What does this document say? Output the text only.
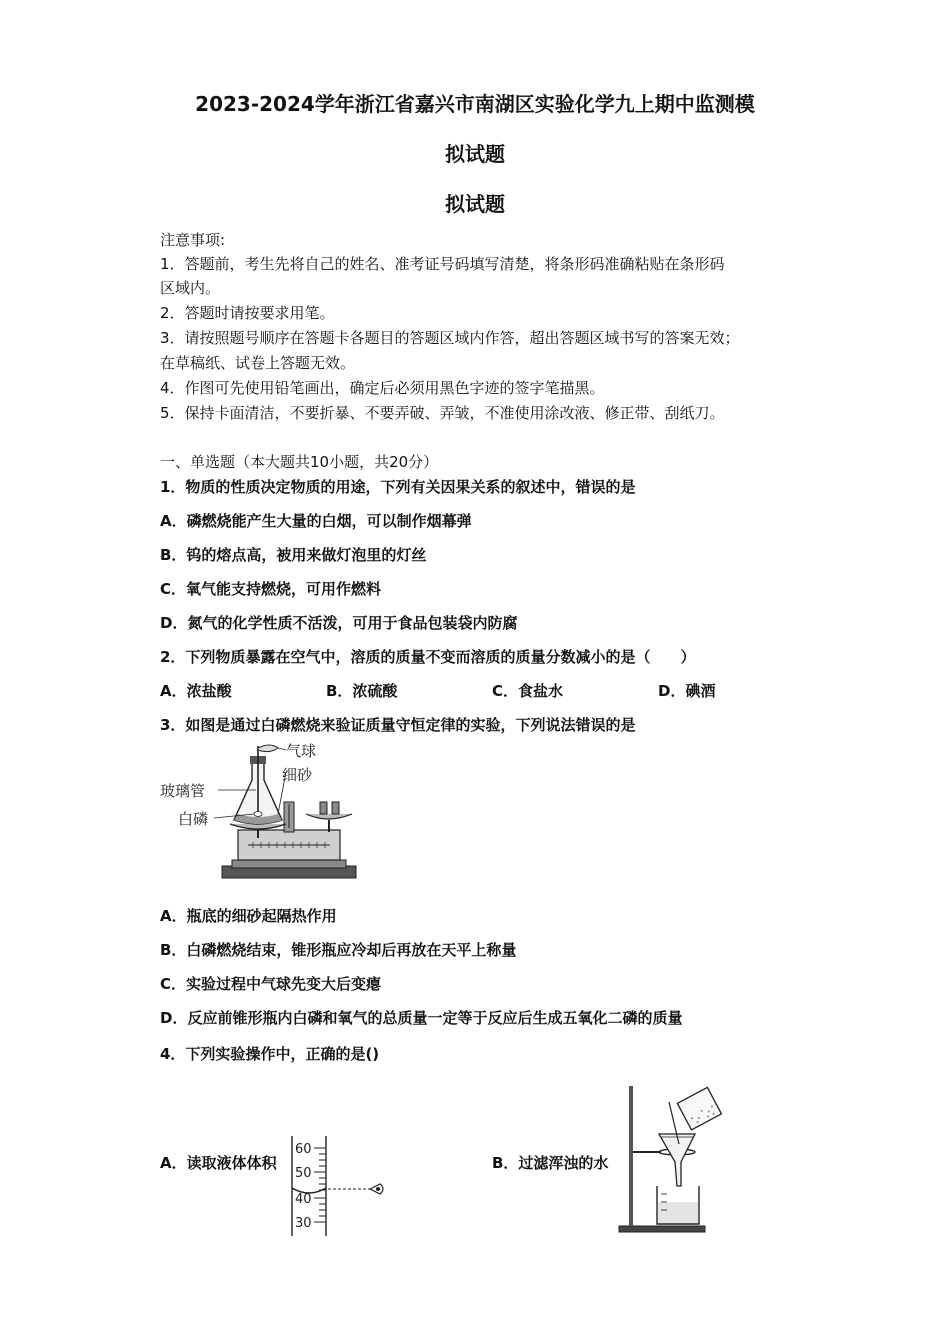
2023-2024学年浙江省嘉兴市南湖区实验化学九上期中监测模
拟试题
拟试题
注意事项:
1．答题前，考生先将自己的姓名、准考证号码填写清楚，将条形码准确粘贴在条形码
区域内。
2．答题时请按要求用笔。
3．请按照题号顺序在答题卡各题目的答题区域内作答，超出答题区域书写的答案无效；
在草稿纸、试卷上答题无效。
4．作图可先使用铅笔画出，确定后必须用黑色字迹的签字笔描黑。
5．保持卡面清洁，不要折暴、不要弄破、弄皱，不准使用涂改液、修正带、刮纸刀。
一、单选题（本大题共10小题，共20分）
1．物质的性质决定物质的用途，下列有关因果关系的叙述中，错误的是
A．磷燃烧能产生大量的白烟，可以制作烟幕弹
B．钨的熔点高，被用来做灯泡里的灯丝
C．氧气能支持燃烧，可用作燃料
D．氮气的化学性质不活泼，可用于食品包装袋内防腐
2．下列物质暴露在空气中，溶质的质量不变而溶质的质量分数减小的是（　　）
A．浓盐酸	B．浓硫酸	C．食盐水	D．碘酒
3．如图是通过白磷燃烧来验证质量守恒定律的实验，下列说法错误的是
气球
细砂
玻璃管
白磷
A．瓶底的细砂起隔热作用
B．白磷燃烧结束，锥形瓶应冷却后再放在天平上称量
C．实验过程中气球先变大后变瘪
D．反应前锥形瓶内白磷和氧气的总质量一定等于反应后生成五氧化二磷的质量
4．下列实验操作中，正确的是()
A．读取液体体积	B．过滤浑浊的水
60
50
40
30
